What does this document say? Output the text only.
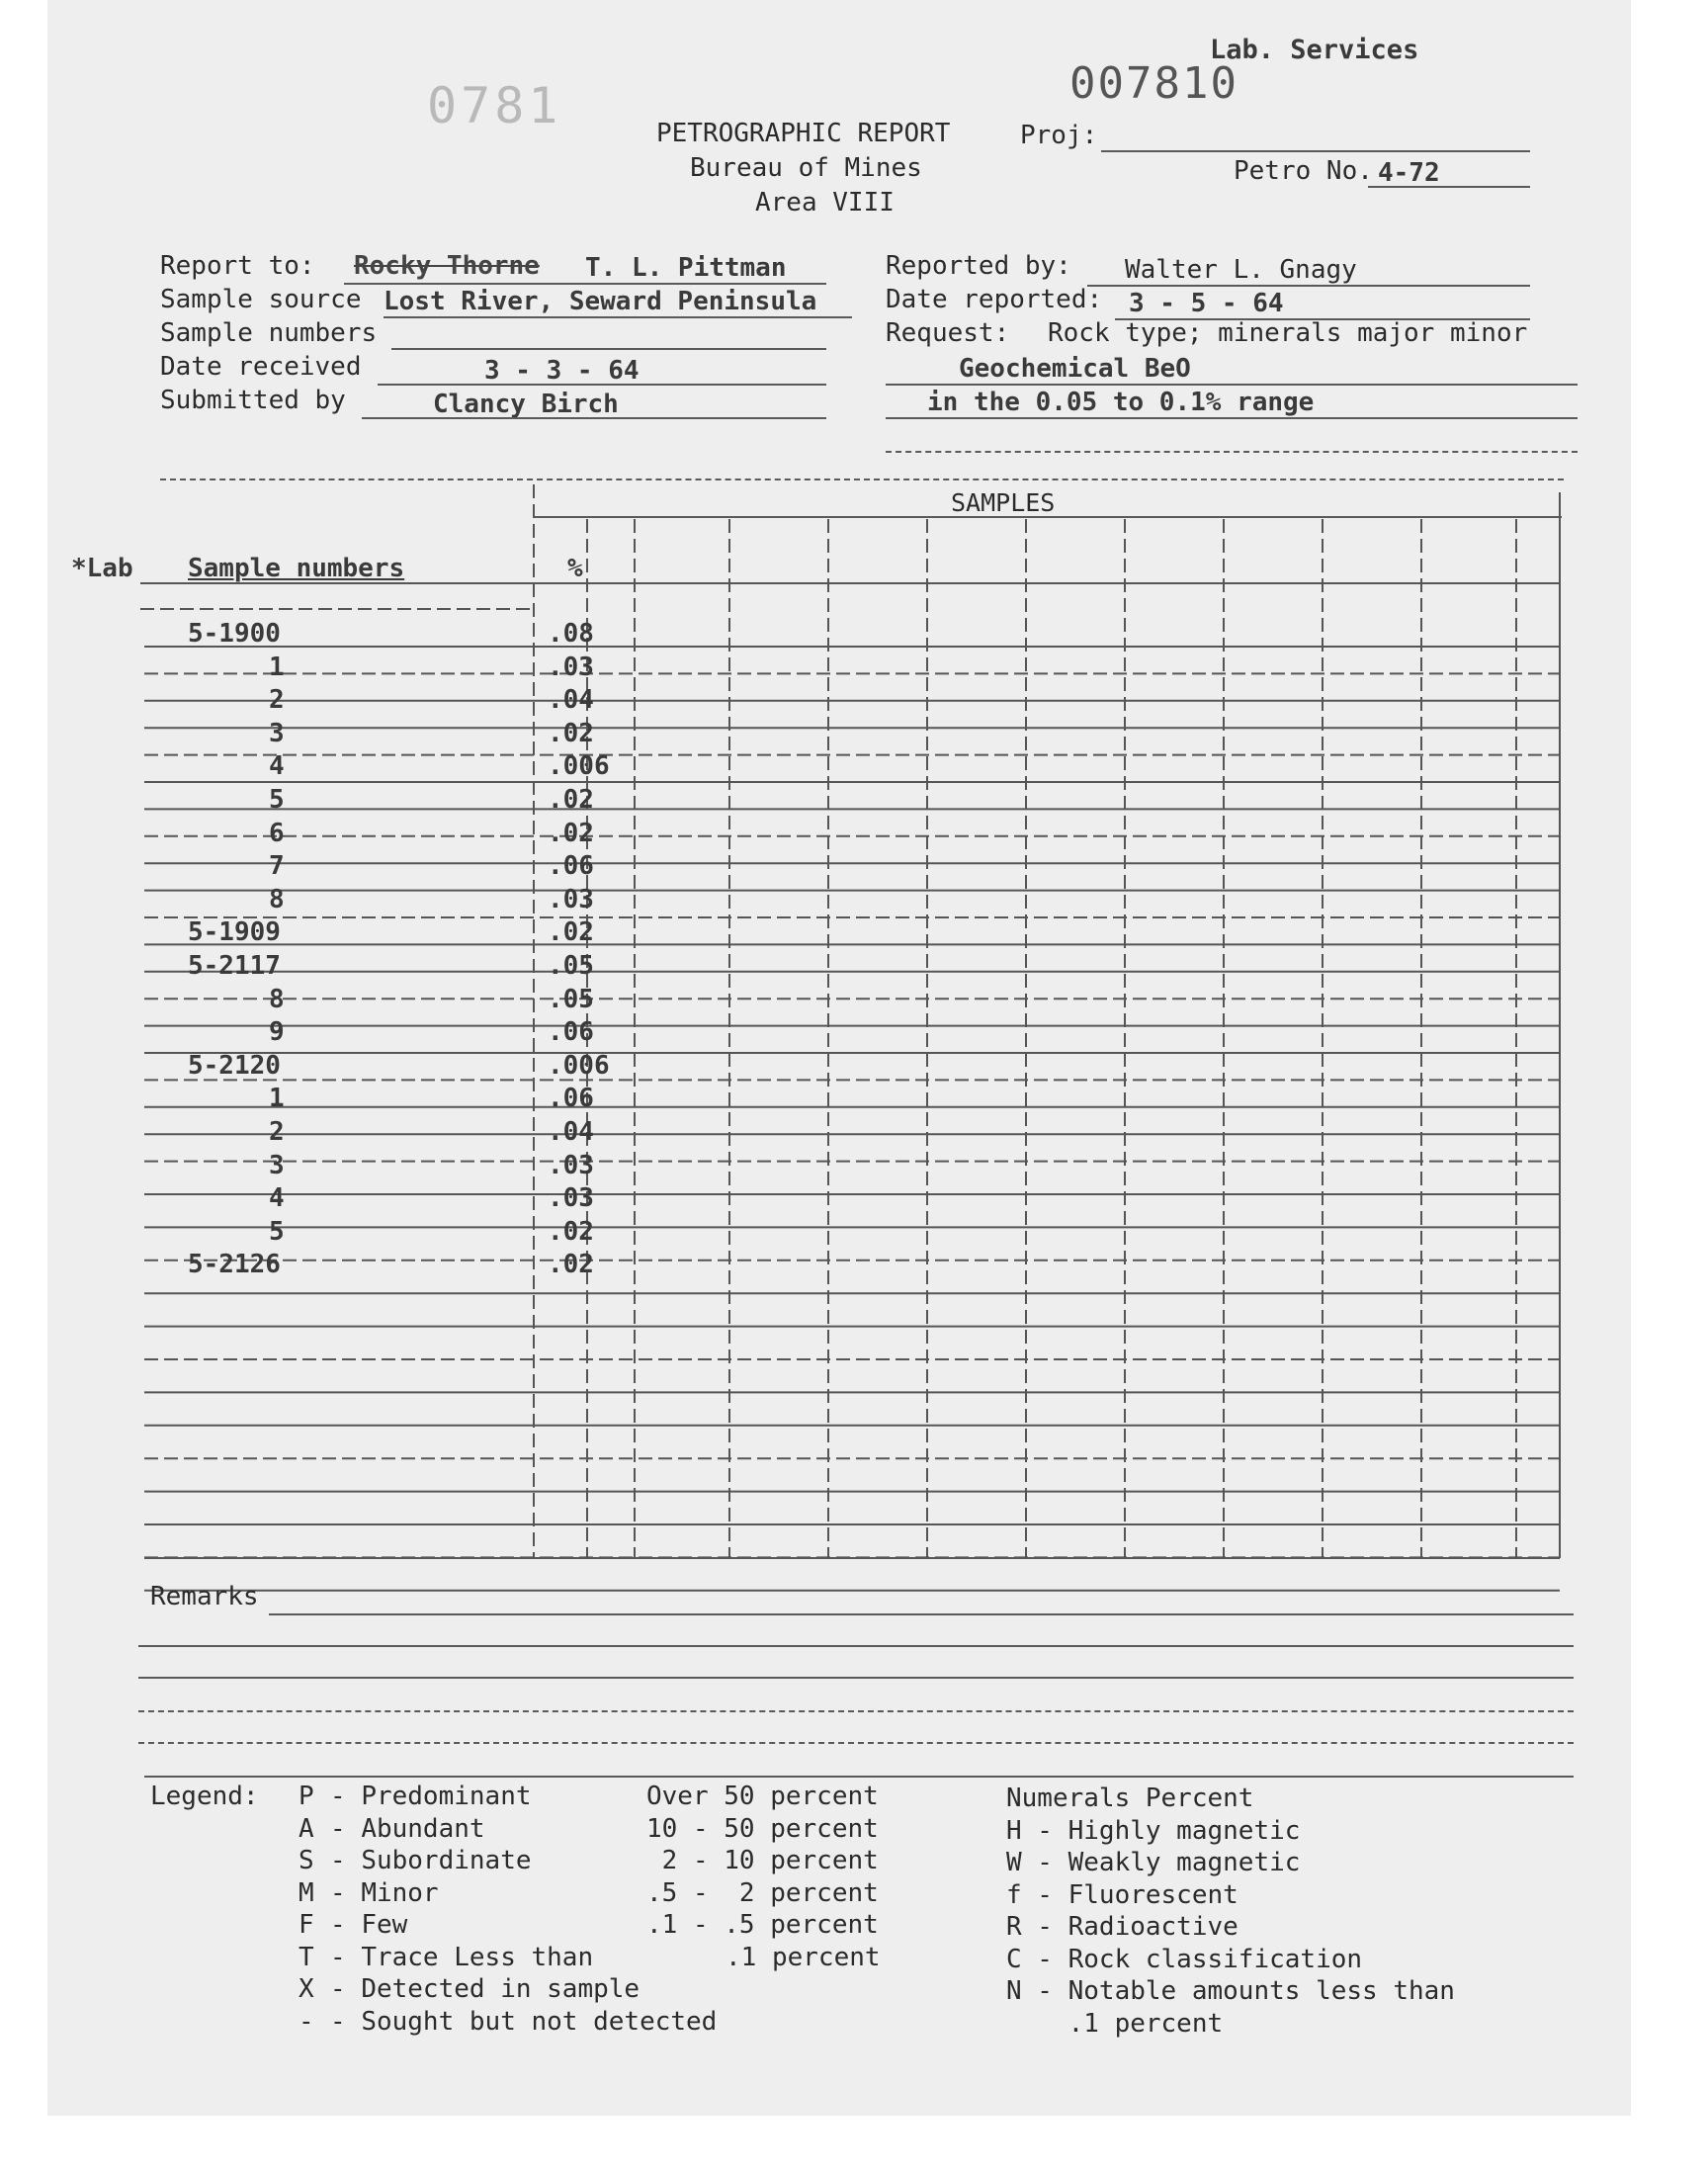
Lab. Services
007810
0781	PETROGRAPHIC REPORT
Bureau of Mines
Area VIII
Proj:
Petro No. 4-72
Report to: Rocky Thorne T. L. Pittman
Sample source Lost River, Seward Peninsula
Sample numbers
Date received	3 - 3 - 64
Submitted by	Clancy Birch
Reported by: Walter L. Gnagy
Date reported: 3 - 5 - 64
Request: Rock type; minerals major minor
Geochemical BeO
in the 0.05 to 0.1% range
SAMPLES
*Lab Sample numbers	%
5-1900	.08
1	.03
2	.04
3	.02
4	.006
5	.02
6	.02
7	.06
8	.03
5-1909	.02
5-2117	.05
8	.05
9	.06
5-2120	.006
1	.06
2	.04
3	.03
4	.03
5	.02
5-2126	.02
Remarks
Legend: P - Predominant	Over 50 percent
A - Abundant	10 - 50 percent
S - Subordinate	2 - 10 percent
M - Minor	.5 -  2 percent
F - Few	.1 - .5 percent
T - Trace Less than	.1 percent
X - Detected in sample
- - Sought but not detected
Numerals Percent
H - Highly magnetic
W - Weakly magnetic
f - Fluorescent
R - Radioactive
C - Rock classification
N - Notable amounts less than
.1 percent
